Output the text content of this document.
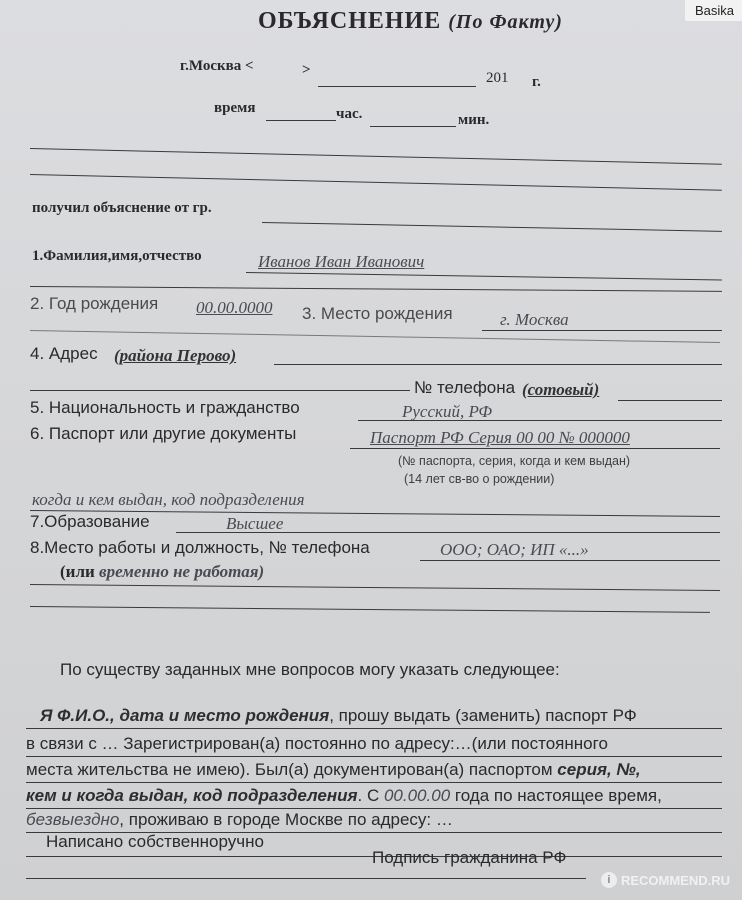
ОБЪЯСНЕНИЕ (По Факту)
г.Москва <	>	201 г.
время	час.	мин.
получил объяснение от гр.
1.Фамилия,имя,отчество	Иванов Иван Иванович
2. Год рождения 00.00.0000 3. Место рождения	г. Москва
4. Адрес (района Перово)
№ телефона (сотовый)
5. Национальность и гражданство	Русский, РФ
6. Паспорт или другие документы	Паспорт РФ Серия 00 00 № 000000
(№ паспорта, серия, когда и кем выдан)
(14 лет св-во о рождении)
когда и кем выдан, код подразделения
7.Образование	Высшее
8.Место работы и должность, № телефона	ООО; ОАО; ИП «...»
(или временно не работая)
По существу заданных мне вопросов могу указать следующее:
Я Ф.И.О., дата и место рождения, прошу выдать (заменить) паспорт РФ
в связи с … Зарегистрирован(а) постоянно по адресу:…(или постоянного
места жительства не имею). Был(а) документирован(а) паспортом серия, №,
кем и когда выдан, код подразделения. С 00.00.00 года по настоящее время,
безвыездно, проживаю в городе Москве по адресу: …
Написано собственноручно
Подпись гражданина РФ
Basika
i RECOMMEND.RU
